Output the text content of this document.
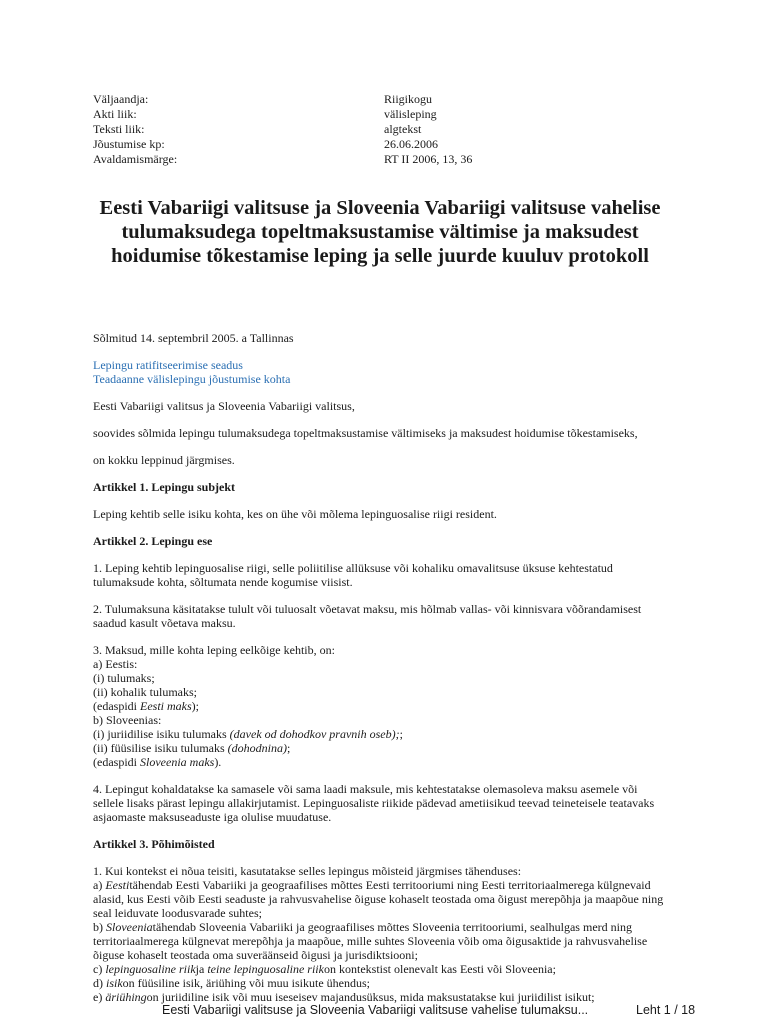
Väljaandja:	Riigikogu
Akti liik:	välisleping
Teksti liik:	algtekst
Jõustumise kp:	26.06.2006
Avaldamismärge:	RT II 2006, 13, 36
Eesti Vabariigi valitsuse ja Sloveenia Vabariigi valitsuse vahelise tulumaksudega topeltmaksustamise vältimise ja maksudest hoidumise tõkestamise leping ja selle juurde kuuluv protokoll

Sõlmitud 14. septembril 2005. a Tallinnas

Lepingu ratifitseerimise seadus
Teadaanne välislepingu jõustumise kohta

Eesti Vabariigi valitsus ja Sloveenia Vabariigi valitsus,

soovides sõlmida lepingu tulumaksudega topeltmaksustamise vältimiseks ja maksudest hoidumise tõkestamiseks,

on kokku leppinud järgmises.

Artikkel 1. Lepingu subjekt

Leping kehtib selle isiku kohta, kes on ühe või mõlema lepinguosalise riigi resident.

Artikkel 2. Lepingu ese

1. Leping kehtib lepinguosalise riigi, selle poliitilise allüksuse või kohaliku omavalitsuse üksuse kehtestatud tulumaksude kohta, sõltumata nende kogumise viisist.

2. Tulumaksuna käsitatakse tulult või tuluosalt võetavat maksu, mis hõlmab vallas- või kinnisvara võõrandamisest saadud kasult võetava maksu.

3. Maksud, mille kohta leping eelkõige kehtib, on:
a) Eestis:
(i) tulumaks;
(ii) kohalik tulumaks;
(edaspidi Eesti maks);
b) Sloveenias:
(i) juriidilise isiku tulumaks (davek od dohodkov pravnih oseb);;
(ii) füüsilise isiku tulumaks (dohodnina);
(edaspidi Sloveenia maks).

4. Lepingut kohaldatakse ka samasele või sama laadi maksule, mis kehtestatakse olemasoleva maksu asemele või sellele lisaks pärast lepingu allakirjutamist. Lepinguosaliste riikide pädevad ametiisikud teevad teineteisele teatavaks asjaomaste maksuseaduste iga olulise muudatuse.

Artikkel 3. Põhimõisted

1. Kui kontekst ei nõua teisiti, kasutatakse selles lepingus mõisteid järgmises tähenduses:
a) Eestitähendab Eesti Vabariiki ja geograafilises mõttes Eesti territooriumi ning Eesti territoriaalmerega külgnevaid alasid, kus Eesti võib Eesti seaduste ja rahvusvahelise õiguse kohaselt teostada oma õigust merepõhja ja maapõue ning seal leiduvate loodusvarade suhtes;
b) Sloveeniatähendab Sloveenia Vabariiki ja geograafilises mõttes Sloveenia territooriumi, sealhulgas merd ning territoriaalmerega külgnevat merepõhja ja maapõue, mille suhtes Sloveenia võib oma õigusaktide ja rahvusvahelise õiguse kohaselt teostada oma suveräänseid õigusi ja jurisdiktsiooni;
c) lepinguosaline riikja teine lepinguosaline riikon kontekstist olenevalt kas Eesti või Sloveenia;
d) isikon füüsiline isik, äriühing või muu isikute ühendus;
e) äriühingon juriidiline isik või muu iseseisev majandusüksus, mida maksustatakse kui juriidilist isikut;

Eesti Vabariigi valitsuse ja Sloveenia Vabariigi valitsuse vahelise tulumaksu...	Leht 1 / 18
